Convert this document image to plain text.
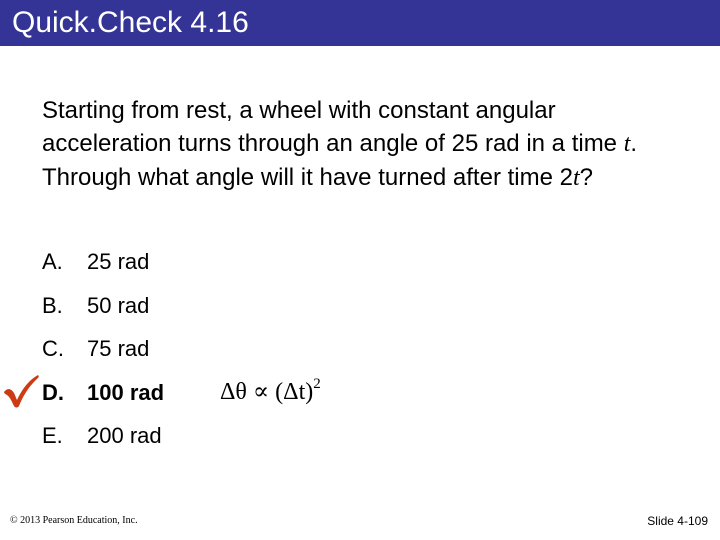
Quick.Check 4.16
Starting from rest, a wheel with constant angular
acceleration turns through an angle of 25 rad in a time t.
Through what angle will it have turned after time 2t?
A. 25 rad
B. 50 rad
C. 75 rad
D. 100 rad
E. 200 rad
$\Delta\theta \propto (\Delta t)^2$
© 2013 Pearson Education, Inc.	Slide 4-109
